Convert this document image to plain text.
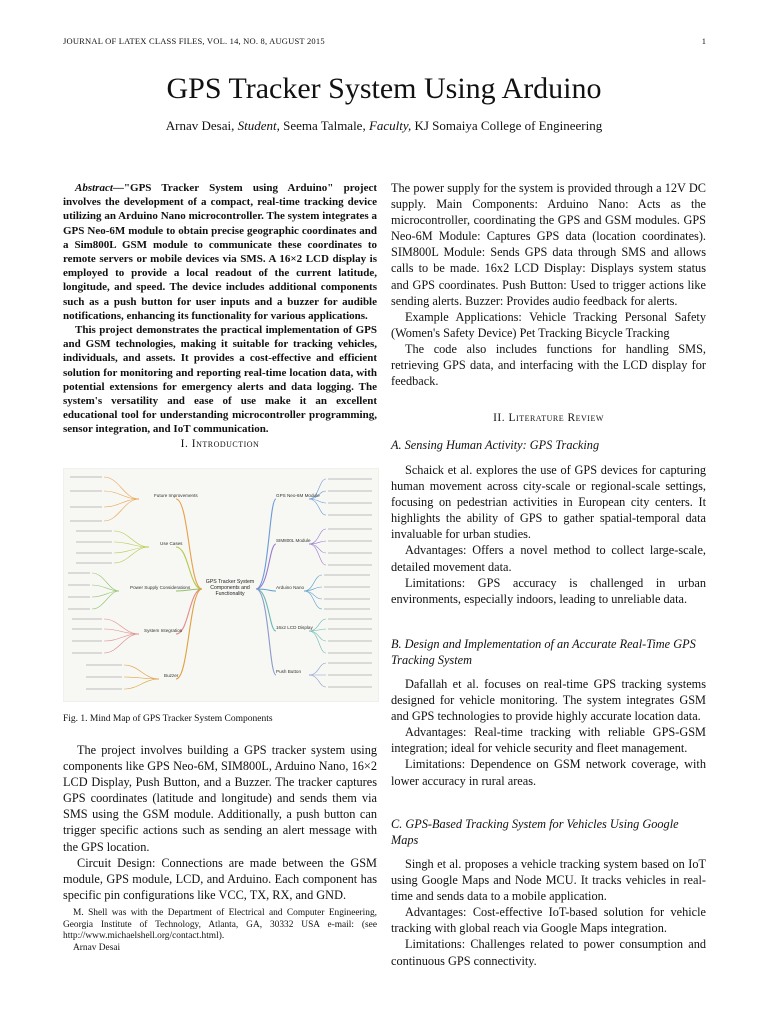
JOURNAL OF LATEX CLASS FILES, VOL. 14, NO. 8, AUGUST 2015	1
GPS Tracker System Using Arduino
Arnav Desai, Student, Seema Talmale, Faculty, KJ Somaiya College of Engineering

Abstract—"GPS Tracker System using Arduino" project involves the development of a compact, real-time tracking device utilizing an Arduino Nano microcontroller. The system integrates a GPS Neo-6M module to obtain precise geographic coordinates and a Sim800L GSM module to communicate these coordinates to remote servers or mobile devices via SMS. A 16×2 LCD display is employed to provide a local readout of the current latitude, longitude, and speed. The device includes additional components such as a push button for user inputs and a buzzer for audible notifications, enhancing its functionality for various applications.

This project demonstrates the practical implementation of GPS and GSM technologies, making it suitable for tracking vehicles, individuals, and assets. It provides a cost-effective and efficient solution for monitoring and reporting real-time location data, with potential extensions for emergency alerts and data logging. The system's versatility and ease of use make it an excellent educational tool for understanding microcontroller programming, sensor integration, and IoT communication.

I. Introduction
Future Improvements
Use Cases
Power Supply Considerations
System Integration
Buzzer
GPS Neo-6M Module
SIM800L Module
Arduino Nano
16x2 LCD Display
Push Button
GPS Tracker System Components and Functionality
Fig. 1. Mind Map of GPS Tracker System Components

The project involves building a GPS tracker system using components like GPS Neo-6M, SIM800L, Arduino Nano, 16×2 LCD Display, Push Button, and a Buzzer. The tracker captures GPS coordinates (latitude and longitude) and sends them via SMS using the GSM module. Additionally, a push button can trigger specific actions such as sending an alert message with the GPS location.

Circuit Design: Connections are made between the GSM module, GPS module, LCD, and Arduino. Each component has specific pin configurations like VCC, TX, RX, and GND.

M. Shell was with the Department of Electrical and Computer Engineering, Georgia Institute of Technology, Atlanta, GA, 30332 USA e-mail: (see http://www.michaelshell.org/contact.html).

Arnav Desai

The power supply for the system is provided through a 12V DC supply. Main Components: Arduino Nano: Acts as the microcontroller, coordinating the GPS and GSM modules. GPS Neo-6M Module: Captures GPS data (location coordinates). SIM800L Module: Sends GPS data through SMS and allows calls to be made. 16x2 LCD Display: Displays system status and GPS coordinates. Push Button: Used to trigger actions like sending alerts. Buzzer: Provides audio feedback for alerts.

Example Applications: Vehicle Tracking Personal Safety (Women's Safety Device) Pet Tracking Bicycle Tracking

The code also includes functions for handling SMS, retrieving GPS data, and interfacing with the LCD display for feedback.

II. Literature Review
A. Sensing Human Activity: GPS Tracking

Schaick et al. explores the use of GPS devices for capturing human movement across city-scale or regional-scale settings, focusing on pedestrian activities in European city centers. It highlights the ability of GPS to gather spatial-temporal data invaluable for urban studies.

Advantages: Offers a novel method to collect large-scale, detailed movement data.

Limitations: GPS accuracy is challenged in urban environments, especially indoors, leading to unreliable data.

B. Design and Implementation of an Accurate Real-Time GPS Tracking System

Dafallah et al. focuses on real-time GPS tracking systems designed for vehicle monitoring. The system integrates GSM and GPS technologies to provide highly accurate location data.

Advantages: Real-time tracking with reliable GPS-GSM integration; ideal for vehicle security and fleet management.

Limitations: Dependence on GSM network coverage, with lower accuracy in rural areas.

C. GPS-Based Tracking System for Vehicles Using Google Maps

Singh et al. proposes a vehicle tracking system based on IoT using Google Maps and Node MCU. It tracks vehicles in real-time and sends data to a mobile application.

Advantages: Cost-effective IoT-based solution for vehicle tracking with global reach via Google Maps integration.

Limitations: Challenges related to power consumption and continuous GPS connectivity.
